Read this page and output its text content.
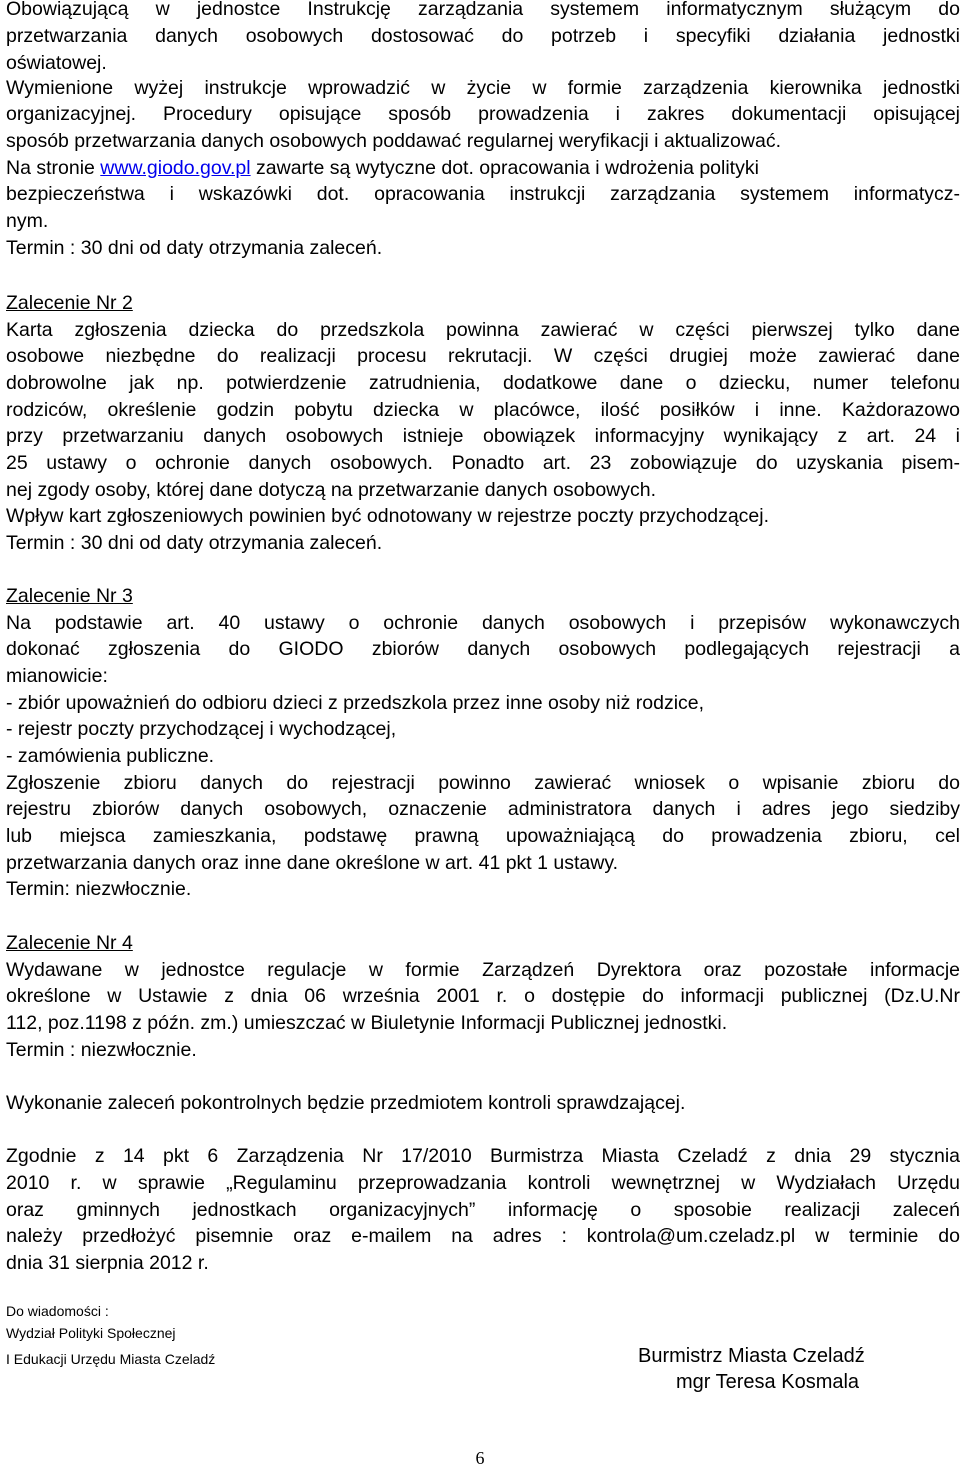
Obowiązującą w jednostce Instrukcję zarządzania systemem informatycznym służącym do
przetwarzania danych osobowych dostosować do potrzeb i specyfiki działania jednostki
oświatowej.
Wymienione wyżej instrukcje wprowadzić w życie w formie zarządzenia kierownika jednostki
organizacyjnej. Procedury opisujące sposób prowadzenia i zakres dokumentacji opisującej
sposób przetwarzania danych osobowych poddawać regularnej weryfikacji i aktualizować.
Na stronie www.giodo.gov.pl zawarte są wytyczne dot. opracowania i wdrożenia polityki
bezpieczeństwa i wskazówki dot. opracowania instrukcji zarządzania systemem informatycz-
nym.
Termin : 30 dni od daty otrzymania zaleceń.
Zalecenie Nr 2
Karta zgłoszenia dziecka do przedszkola powinna zawierać w części pierwszej tylko dane
osobowe niezbędne do realizacji procesu rekrutacji. W części drugiej może zawierać dane
dobrowolne jak np. potwierdzenie zatrudnienia, dodatkowe dane o dziecku, numer telefonu
rodziców, określenie godzin pobytu dziecka w placówce, ilość posiłków i inne. Każdorazowo
przy przetwarzaniu danych osobowych istnieje obowiązek informacyjny wynikający z art. 24 i
25 ustawy o ochronie danych osobowych. Ponadto art. 23 zobowiązuje do uzyskania pisem-
nej zgody osoby, której dane dotyczą na przetwarzanie danych osobowych.
Wpływ kart zgłoszeniowych powinien być odnotowany w rejestrze poczty przychodzącej.
Termin : 30 dni od daty otrzymania zaleceń.
Zalecenie Nr 3
Na podstawie art. 40 ustawy o ochronie danych osobowych i przepisów wykonawczych
dokonać zgłoszenia do GIODO zbiorów danych osobowych podlegających rejestracji a
mianowicie:
- zbiór upoważnień do odbioru dzieci z przedszkola przez inne osoby niż rodzice,
- rejestr poczty przychodzącej i wychodzącej,
- zamówienia publiczne.
Zgłoszenie zbioru danych do rejestracji powinno zawierać wniosek o wpisanie zbioru do
rejestru zbiorów danych osobowych, oznaczenie administratora danych i adres jego siedziby
lub miejsca zamieszkania, podstawę prawną upoważniającą do prowadzenia zbioru, cel
przetwarzania danych oraz inne dane określone w art. 41 pkt 1 ustawy.
Termin: niezwłocznie.
Zalecenie Nr 4
Wydawane w jednostce regulacje w formie Zarządzeń Dyrektora oraz pozostałe informacje
określone w Ustawie z dnia 06 września 2001 r. o dostępie do informacji publicznej (Dz.U.Nr
112, poz.1198 z późn. zm.) umieszczać w Biuletynie Informacji Publicznej jednostki.
Termin : niezwłocznie.
Wykonanie zaleceń pokontrolnych będzie przedmiotem kontroli sprawdzającej.
Zgodnie z 14 pkt 6 Zarządzenia Nr 17/2010 Burmistrza Miasta Czeladź z dnia 29 stycznia
2010 r. w sprawie „Regulaminu przeprowadzania kontroli wewnętrznej w Wydziałach Urzędu
oraz gminnych jednostkach organizacyjnych” informację o sposobie realizacji zaleceń
należy przedłożyć pisemnie oraz e-mailem na adres : kontrola@um.czeladz.pl w terminie do
dnia 31 sierpnia 2012 r.
Do wiadomości :
Wydział Polityki Społecznej
I Edukacji Urzędu Miasta Czeladź	Burmistrz Miasta Czeladź
mgr Teresa Kosmala
6
